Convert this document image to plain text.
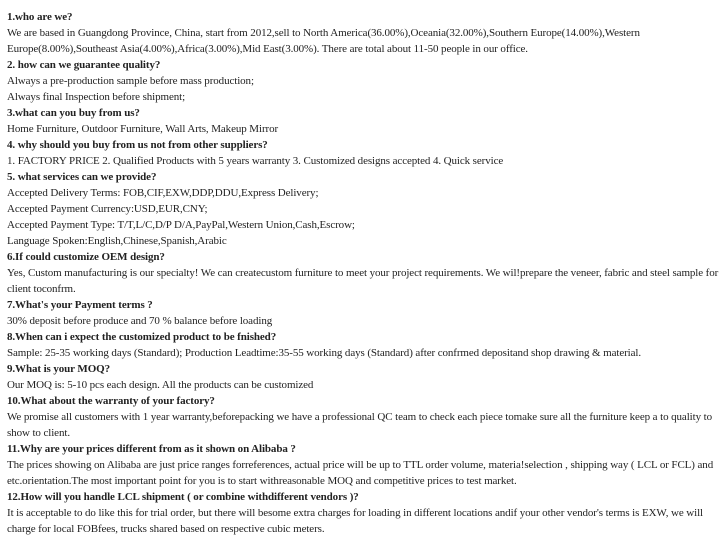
1.who are we?
We are based in Guangdong Province, China, start from 2012,sell to North America(36.00%),Oceania(32.00%),Southern Europe(14.00%),Western Europe(8.00%),Southeast Asia(4.00%),Africa(3.00%),Mid East(3.00%). There are total about 11-50 people in our office.
2. how can we guarantee quality?
Always a pre-production sample before mass production;
Always final Inspection before shipment;
3.what can you buy from us?
Home Furniture, Outdoor Furniture, Wall Arts, Makeup Mirror
4. why should you buy from us not from other suppliers?
1. FACTORY PRICE 2. Qualified Products with 5 years warranty 3. Customized designs accepted 4. Quick service
5. what services can we provide?
Accepted Delivery Terms: FOB,CIF,EXW,DDP,DDU,Express Delivery;
Accepted Payment Currency:USD,EUR,CNY;
Accepted Payment Type: T/T,L/C,D/P D/A,PayPal,Western Union,Cash,Escrow;
Language Spoken:English,Chinese,Spanish,Arabic
6.If could customize OEM design?
Yes, Custom manufacturing is our specialty! We can createcustom furniture to meet your project requirements. We wil!prepare the veneer, fabric and steel sample for client toconfrm.
7.What's your Payment terms ?
30% deposit before produce and 70 % balance before loading
8.When can i expect the customized product to be fnished?
Sample: 25-35 working days (Standard); Production Leadtime:35-55 working days (Standard) after confrmed depositand shop drawing & material.
9.What is your MOQ?
Our MOQ is: 5-10 pcs each design. All the products can be customized
10.What about the warranty of your factory?
We promise all customers with 1 year warranty,beforepacking we have a professional QC team to check each piece tomake sure all the furniture keep a to quality to show to client.
11.Why are your prices different from as it shown on Alibaba ?
The prices showing on Alibaba are just price ranges forreferences, actual price will be up to TTL order volume, materia!selection , shipping way ( LCL or FCL) and etc.orientation.The most important point for you is to start withreasonable MOQ and competitive prices to test market.
12.How will you handle LCL shipment ( or combine withdifferent vendors )?
It is acceptable to do like this for trial order, but there will besome extra charges for loading in different locations andif your other vendor's terms is EXW, we will charge for local FOBfees, trucks shared based on respective cubic meters.
